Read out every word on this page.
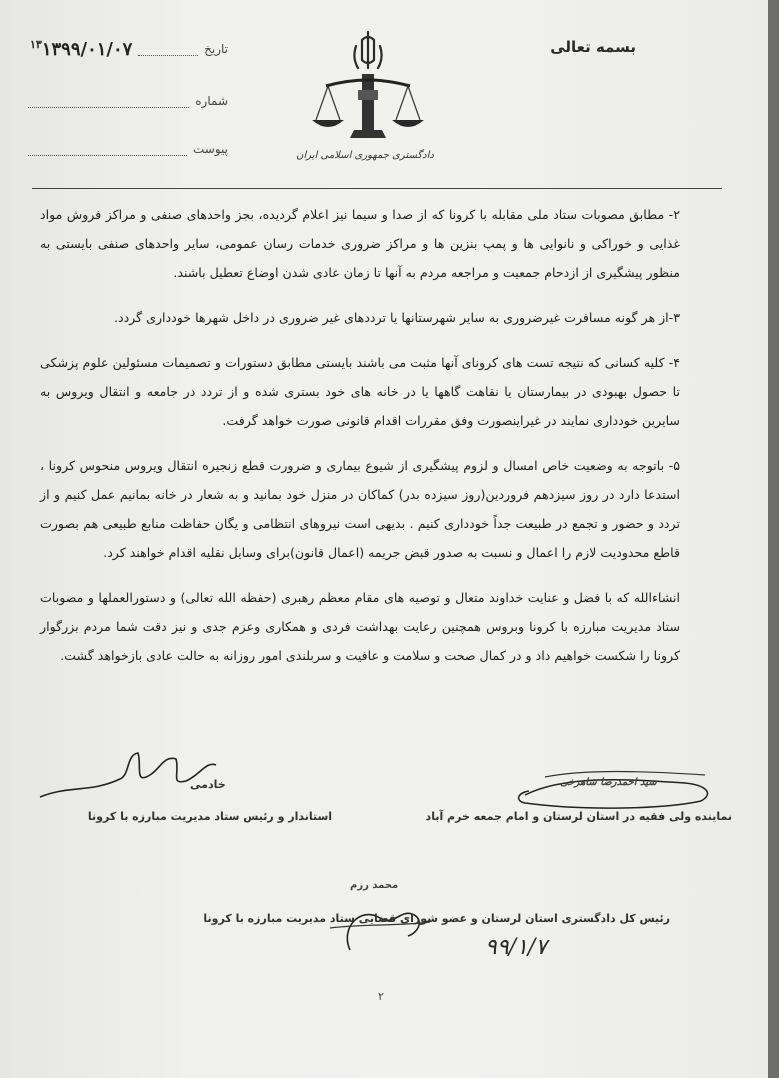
بسمه تعالی
دادگستری جمهوری اسلامی ایران
$^{۱۳}$۱۳۹۹/۰۱/۰۷	تاریخ
شماره
پیوست

۲- مطابق مصوبات ستاد ملی مقابله با کرونا که از صدا و سیما نیز اعلام گردیده، بجز واحدهای صنفی و مراکز فروش مواد غذایی و خوراکی و نانوایی ها و پمپ بنزین ها و مراکز ضروری خدمات رسان عمومی، سایر واحدهای صنفی بایستی به منظور پیشگیری از ازدحام جمعیت و مراجعه مردم به آنها تا زمان عادی شدن اوضاع تعطیل باشند.

۳-از هر گونه مسافرت غیرضروری به سایر شهرستانها یا ترددهای غیر ضروری در داخل شهرها خودداری گردد.

۴- کلیه کسانی که نتیجه تست های کرونای آنها مثبت می باشند بایستی مطابق دستورات و تصمیمات مسئولین علوم پزشکی تا حصول بهبودی در بیمارستان یا نقاهت گاهها یا در خانه های خود بستری شده و از تردد در جامعه و انتقال ویروس به سایرین خودداری نمایند در غیراینصورت وفق مقررات اقدام قانونی صورت خواهد گرفت.

۵- باتوجه به وضعیت خاص امسال و لزوم پیشگیری از شیوع بیماری و ضرورت قطع زنجیره انتقال ویروس منحوس کرونا ، استدعا دارد در روز سیزدهم فروردین(روز سیزده بدر) کماکان در منزل خود بمانید و به شعار در خانه بمانیم عمل کنیم و از تردد و حضور و تجمع در طبیعت جداً خودداری کنیم . بدیهی است نیروهای انتظامی و یگان حفاظت منابع طبیعی هم بصورت قاطع محدودیت لازم را اعمال و نسبت به صدور قبض جریمه (اعمال قانون)برای وسایل نقلیه اقدام خواهند کرد.

انشاءالله که با فضل و عنایت خداوند متعال و توصیه های مقام معظم رهبری (حفظه الله تعالی) و دستورالعملها و مصوبات ستاد مدیریت مبارزه با کرونا وبروس همچنین رعایت بهداشت فردی و همکاری وعزم جدی و نیز دقت شما مردم بزرگوار کرونا را شکست خواهیم داد و در کمال صحت و سلامت و عافیت و سربلندی امور روزانه به حالت عادی بازخواهد گشت.

خادمی
استاندار و رئیس ستاد مدیریت مبارزه با کرونا
سید احمدرضا شاهرخی
نماینده ولی فقیه در استان لرستان و امام جمعه خرم آباد
محمد رزم
رئیس کل دادگستری استان لرستان و عضو شورای قضایی ستاد مدیریت مبارزه با کرونا
۹۹/۱/۷
۲
